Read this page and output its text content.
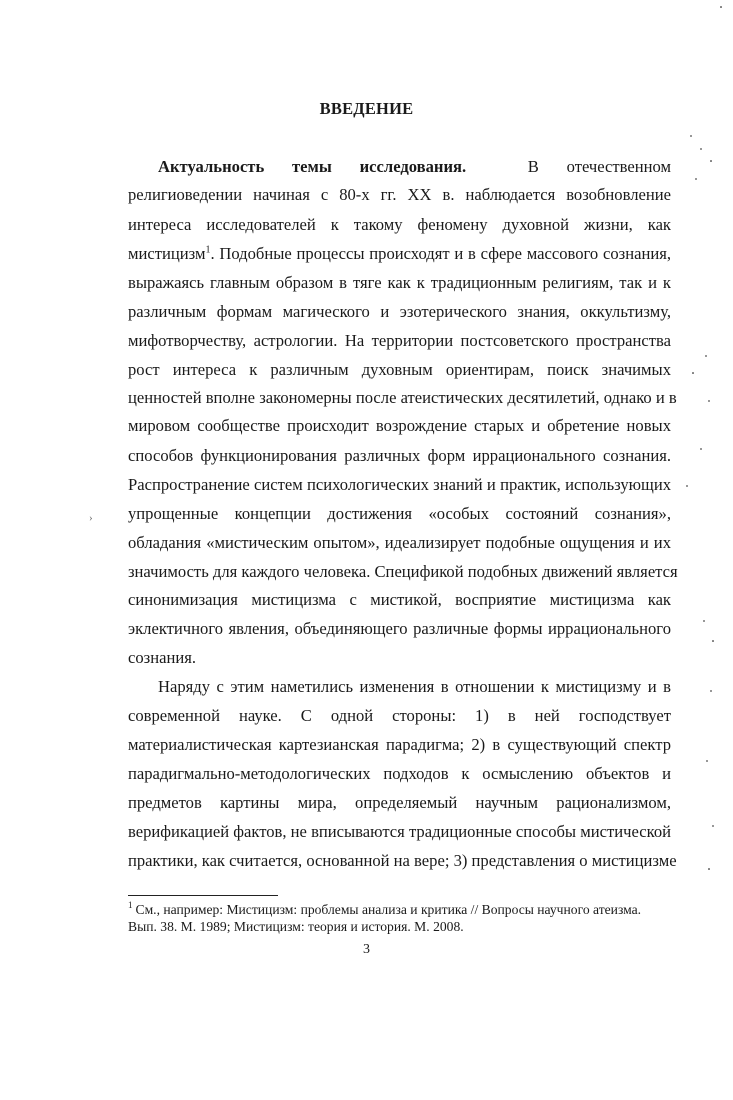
ВВЕДЕНИЕ
Актуальность темы исследования.	В отечественном
религиоведении начиная с 80-х гг. XX в. наблюдается возобновление
интереса исследователей к такому феномену духовной жизни, как
мистицизм$^1$. Подобные процессы происходят и в сфере массового сознания,
выражаясь главным образом в тяге как к традиционным религиям, так и к
различным формам магического и эзотерического знания, оккультизму,
мифотворчеству, астрологии. На территории постсоветского пространства
рост интереса к различным духовным ориентирам, поиск значимых
ценностей вполне закономерны после атеистических десятилетий, однако и в
мировом сообществе происходит возрождение старых и обретение новых
способов функционирования различных форм иррационального сознания.
Распространение систем психологических знаний и практик, использующих
упрощенные концепции достижения «особых состояний сознания»,
обладания «мистическим опытом», идеализирует подобные ощущения и их
значимость для каждого человека. Спецификой подобных движений является
синонимизация мистицизма с мистикой, восприятие мистицизма как
эклектичного явления, объединяющего различные формы иррационального
сознания.
Наряду с этим наметились изменения в отношении к мистицизму и в
современной науке. С одной стороны: 1) в ней господствует
материалистическая картезианская парадигма; 2) в существующий спектр
парадигмально-методологических подходов к осмыслению объектов и
предметов картины мира, определяемый научным рационализмом,
верификацией фактов, не вписываются традиционные способы мистической
практики, как считается, основанной на вере; 3) представления о мистицизме
$^1$ См., например: Мистицизм: проблемы анализа и критика // Вопросы научного атеизма.
Вып. 38. М. 1989; Мистицизм: теория и история. М. 2008.
3
›
